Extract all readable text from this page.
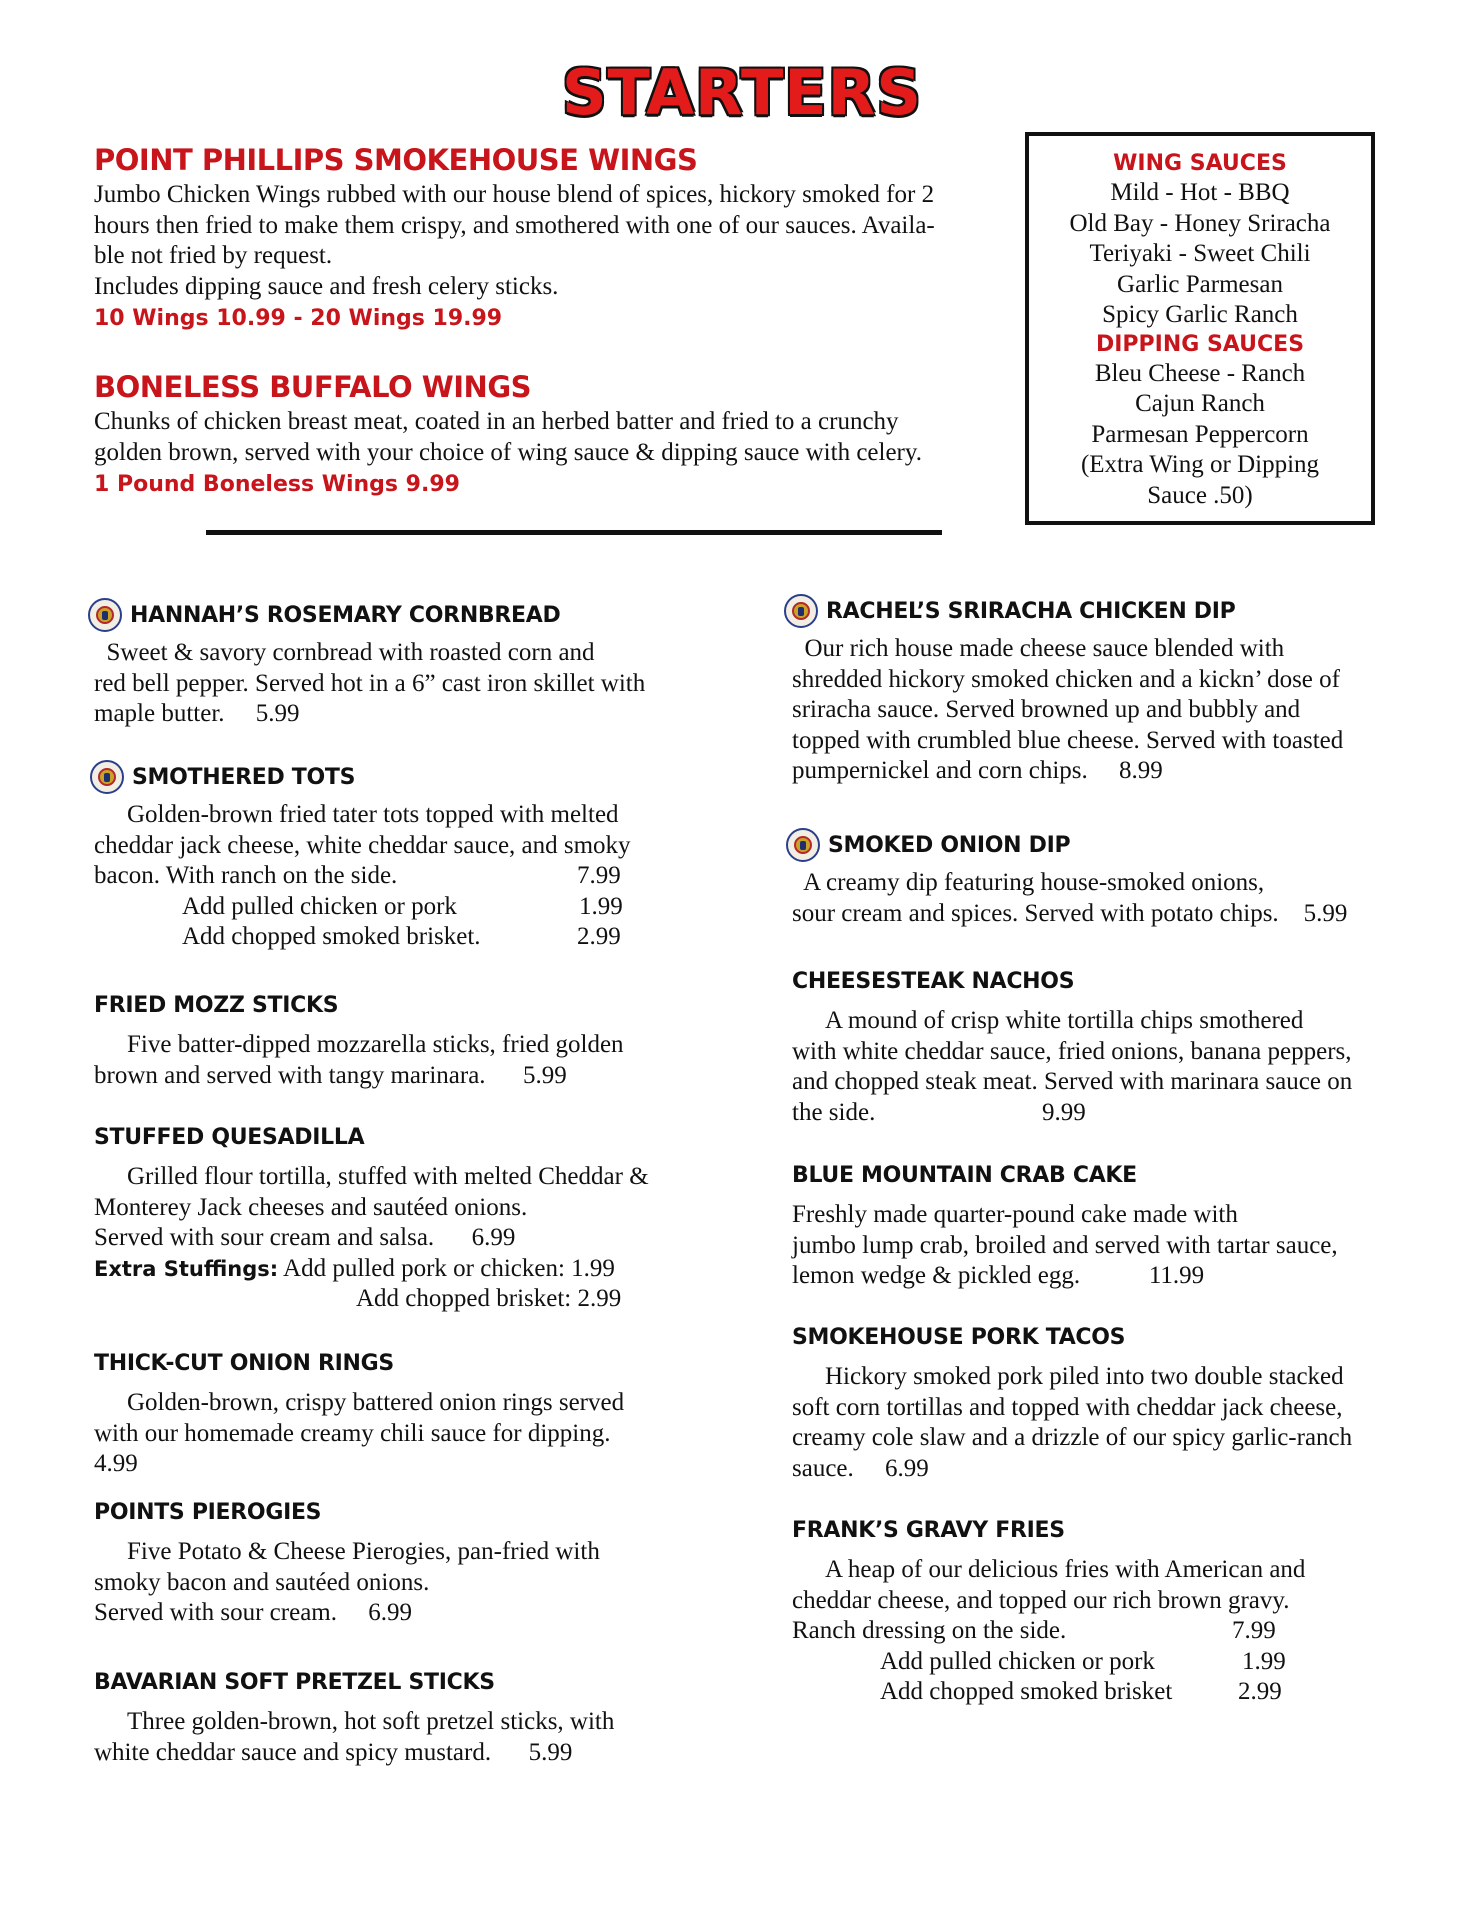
STARTERS
POINT PHILLIPS SMOKEHOUSE WINGS
Jumbo Chicken Wings rubbed with our house blend of spices, hickory smoked for 2
hours then fried to make them crispy, and smothered with one of our sauces. Availa-
ble not fried by request.
Includes dipping sauce and fresh celery sticks.
10 Wings 10.99 - 20 Wings 19.99
BONELESS BUFFALO WINGS
Chunks of chicken breast meat, coated in an herbed batter and fried to a crunchy
golden brown, served with your choice of wing sauce & dipping sauce with celery.
1 Pound Boneless Wings 9.99
WING SAUCES
Mild - Hot - BBQ
Old Bay - Honey Sriracha
Teriyaki - Sweet Chili
Garlic Parmesan
Spicy Garlic Ranch
DIPPING SAUCES
Bleu Cheese - Ranch
Cajun Ranch
Parmesan Peppercorn
(Extra Wing or Dipping
Sauce .50)
HANNAH’S ROSEMARY CORNBREAD

Sweet & savory cornbread with roasted corn and

red bell pepper. Served hot in a 6” cast iron skillet with

maple butter.     5.99

SMOTHERED TOTS

Golden-brown fried tater tots topped with melted

cheddar jack cheese, white cheddar sauce, and smoky

bacon. With ranch on the side.	7.99

Add pulled chicken or pork	1.99

Add chopped smoked brisket.	2.99

FRIED MOZZ STICKS

Five batter-dipped mozzarella sticks, fried golden

brown and served with tangy marinara.      5.99

STUFFED QUESADILLA

Grilled flour tortilla, stuffed with melted Cheddar &

Monterey Jack cheeses and sautéed onions.

Served with sour cream and salsa.      6.99

Extra Stuffings: Add pulled pork or chicken: 1.99

Add chopped brisket: 2.99

THICK-CUT ONION RINGS

Golden-brown, crispy battered onion rings served

with our homemade creamy chili sauce for dipping.

4.99

POINTS PIEROGIES

Five Potato & Cheese Pierogies, pan-fried with

smoky bacon and sautéed onions.

Served with sour cream.     6.99

BAVARIAN SOFT PRETZEL STICKS

Three golden-brown, hot soft pretzel sticks, with

white cheddar sauce and spicy mustard.      5.99

RACHEL’S SRIRACHA CHICKEN DIP

Our rich house made cheese sauce blended with

shredded hickory smoked chicken and a kickn’ dose of

sriracha sauce. Served browned up and bubbly and

topped with crumbled blue cheese. Served with toasted

pumpernickel and corn chips.     8.99

SMOKED ONION DIP

A creamy dip featuring house-smoked onions,

sour cream and spices. Served with potato chips.    5.99

CHEESESTEAK NACHOS

A mound of crisp white tortilla chips smothered

with white cheddar sauce, fried onions, banana peppers,

and chopped steak meat. Served with marinara sauce on

the side.	9.99

BLUE MOUNTAIN CRAB CAKE

Freshly made quarter-pound cake made with

jumbo lump crab, broiled and served with tartar sauce,

lemon wedge & pickled egg.           11.99

SMOKEHOUSE PORK TACOS

Hickory smoked pork piled into two double stacked

soft corn tortillas and topped with cheddar jack cheese,

creamy cole slaw and a drizzle of our spicy garlic-ranch

sauce.     6.99

FRANK’S GRAVY FRIES

A heap of our delicious fries with American and

cheddar cheese, and topped our rich brown gravy.

Ranch dressing on the side.	7.99

Add pulled chicken or pork	1.99

Add chopped smoked brisket	2.99
